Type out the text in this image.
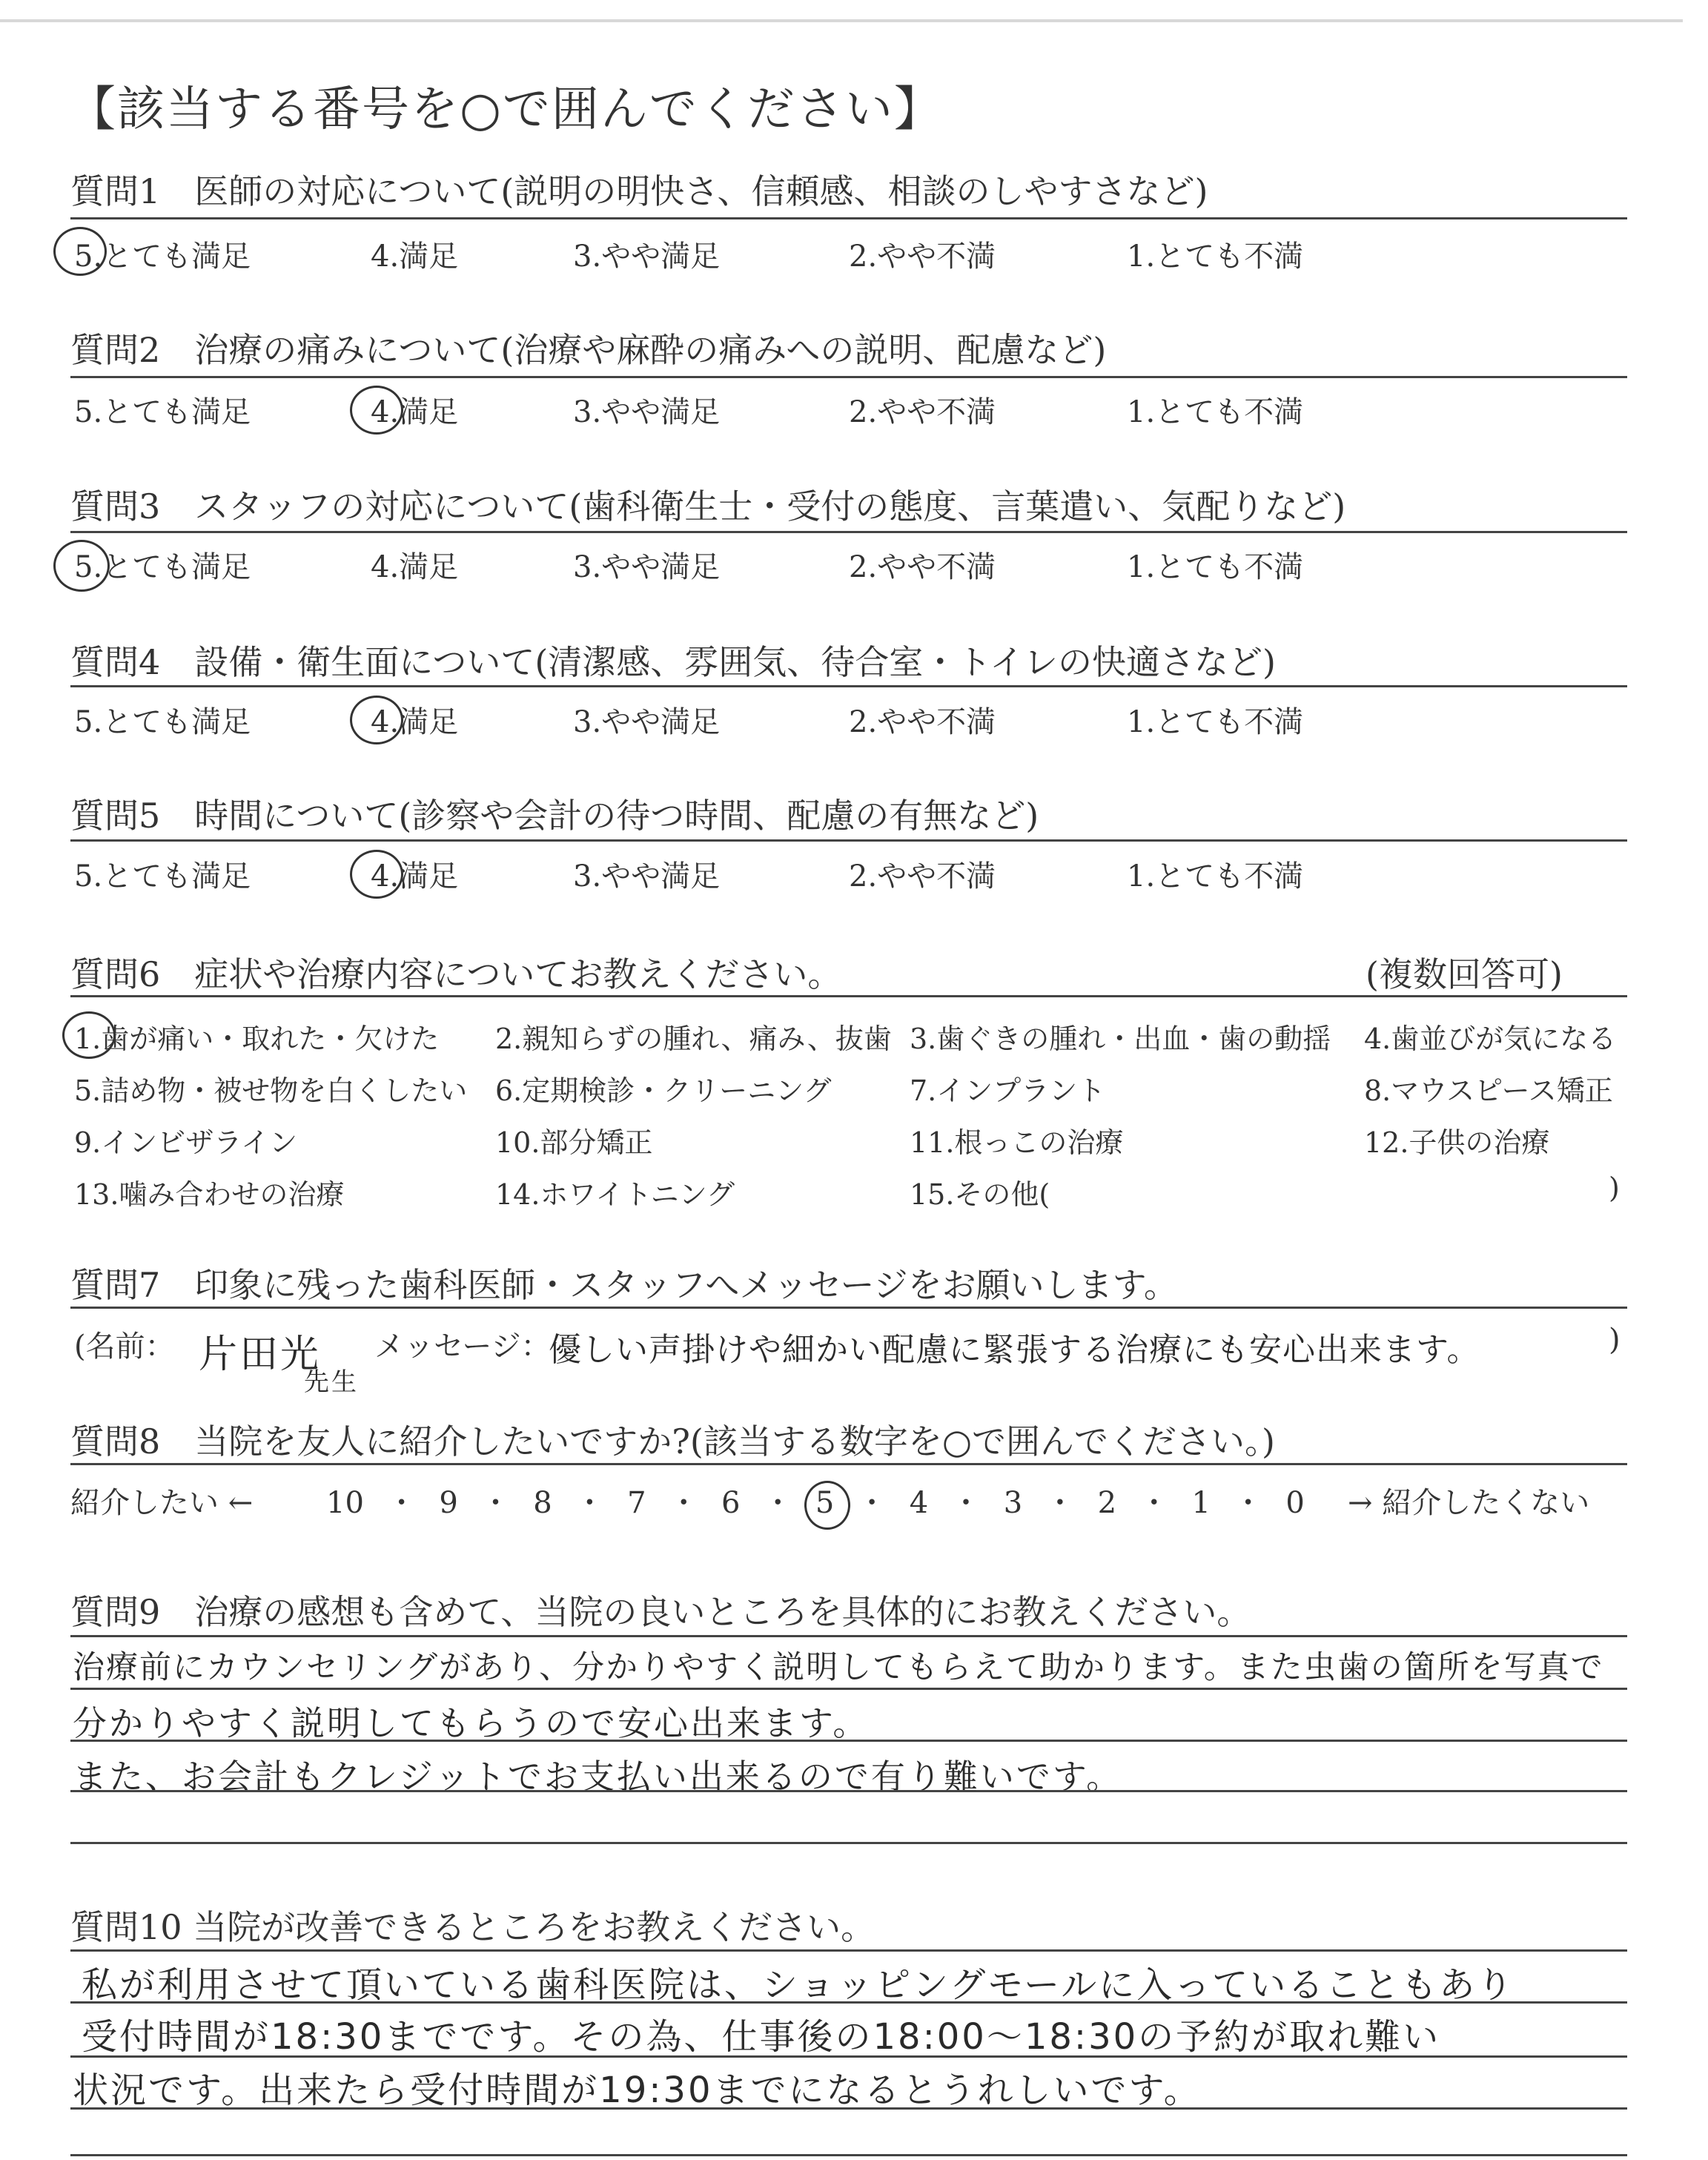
【該当する番号を○で囲んでください】
質問1　医師の対応について(説明の明快さ、信頼感、相談のしやすさなど)
5.とても満足	4.満足	3.やや満足	2.やや不満	1.とても不満
質問2　治療の痛みについて(治療や麻酔の痛みへの説明、配慮など)
5.とても満足	4.満足	3.やや満足	2.やや不満	1.とても不満
質問3　スタッフの対応について(歯科衛生士・受付の態度、言葉遣い、気配りなど)
5.とても満足	4.満足	3.やや満足	2.やや不満	1.とても不満
質問4　設備・衛生面について(清潔感、雰囲気、待合室・トイレの快適さなど)
5.とても満足	4.満足	3.やや満足	2.やや不満	1.とても不満
質問5　時間について(診察や会計の待つ時間、配慮の有無など)
5.とても満足	4.満足	3.やや満足	2.やや不満	1.とても不満
質問6　症状や治療内容についてお教えください。	(複数回答可)
1.歯が痛い・取れた・欠けた 2.親知らずの腫れ、痛み、抜歯 3.歯ぐきの腫れ・出血・歯の動揺 4.歯並びが気になる
5.詰め物・被せ物を白くしたい 6.定期検診・クリーニング	7.インプラント	8.マウスピース矯正
9.インビザライン	10.部分矯正	11.根っこの治療	12.子供の治療
13.噛み合わせの治療	14.ホワイトニング	15.その他(	)
質問7　印象に残った歯科医師・スタッフへメッセージをお願いします。
(名前： 片田光
先生
メッセージ：
優しい声掛けや細かい配慮に緊張する治療にも安心出来ます。	)
質問8　当院を友人に紹介したいですか?(該当する数字を○で囲んでください。)
紹介したい ← 10 ・ 9 ・ 8 ・ 7 ・ 6 ・ 5 ・ 4 ・ 3 ・ 2 ・ 1 ・ 0 → 紹介したくない
質問9　治療の感想も含めて、当院の良いところを具体的にお教えください。
治療前にカウンセリングがあり、分かりやすく説明してもらえて助かります。また虫歯の箇所を写真で
分かりやすく説明してもらうので安心出来ます。
また、お会計もクレジットでお支払い出来るので有り難いです。
質問10 当院が改善できるところをお教えください。
私が利用させて頂いている歯科医院は、ショッピングモールに入っていることもあり
受付時間が18:30までです。その為、仕事後の18:00〜18:30の予約が取れ難い
状況です。出来たら受付時間が19:30までになるとうれしいです。
